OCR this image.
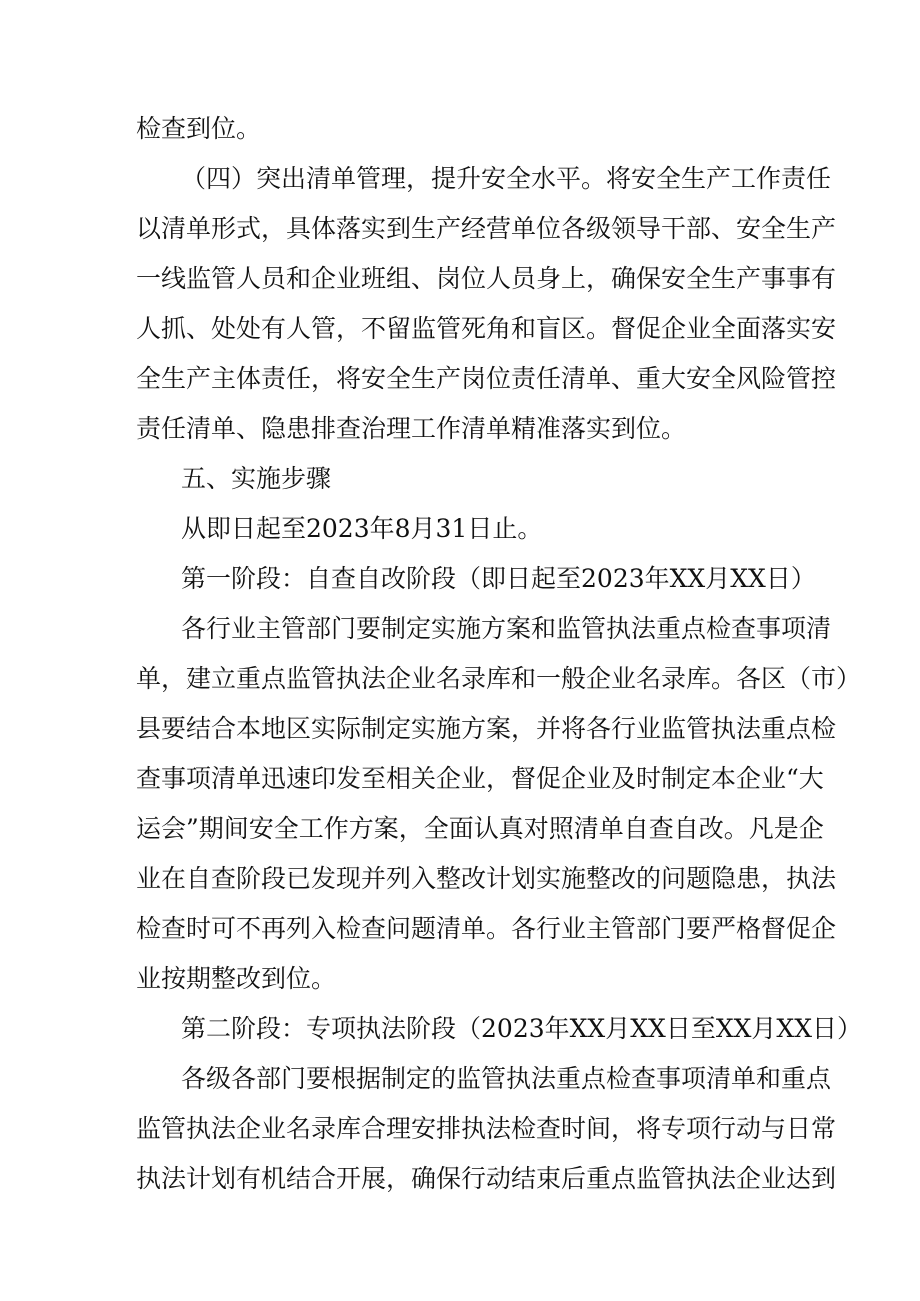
检查到位。
（四）突出清单管理，提升安全水平。将安全生产工作责任
以清单形式，具体落实到生产经营单位各级领导干部、安全生产
一线监管人员和企业班组、岗位人员身上，确保安全生产事事有
人抓、处处有人管，不留监管死角和盲区。督促企业全面落实安
全生产主体责任，将安全生产岗位责任清单、重大安全风险管控
责任清单、隐患排查治理工作清单精准落实到位。
五、实施步骤
从即日起至2023年8月31日止。
第一阶段：自查自改阶段（即日起至2023年XX月XX日）
各行业主管部门要制定实施方案和监管执法重点检查事项清
单，建立重点监管执法企业名录库和一般企业名录库。各区（市）
县要结合本地区实际制定实施方案，并将各行业监管执法重点检
查事项清单迅速印发至相关企业，督促企业及时制定本企业“大
运会”期间安全工作方案，全面认真对照清单自查自改。凡是企
业在自查阶段已发现并列入整改计划实施整改的问题隐患，执法
检查时可不再列入检查问题清单。各行业主管部门要严格督促企
业按期整改到位。
第二阶段：专项执法阶段（2023年XX月XX日至XX月XX日）
各级各部门要根据制定的监管执法重点检查事项清单和重点
监管执法企业名录库合理安排执法检查时间，将专项行动与日常
执法计划有机结合开展，确保行动结束后重点监管执法企业达到
